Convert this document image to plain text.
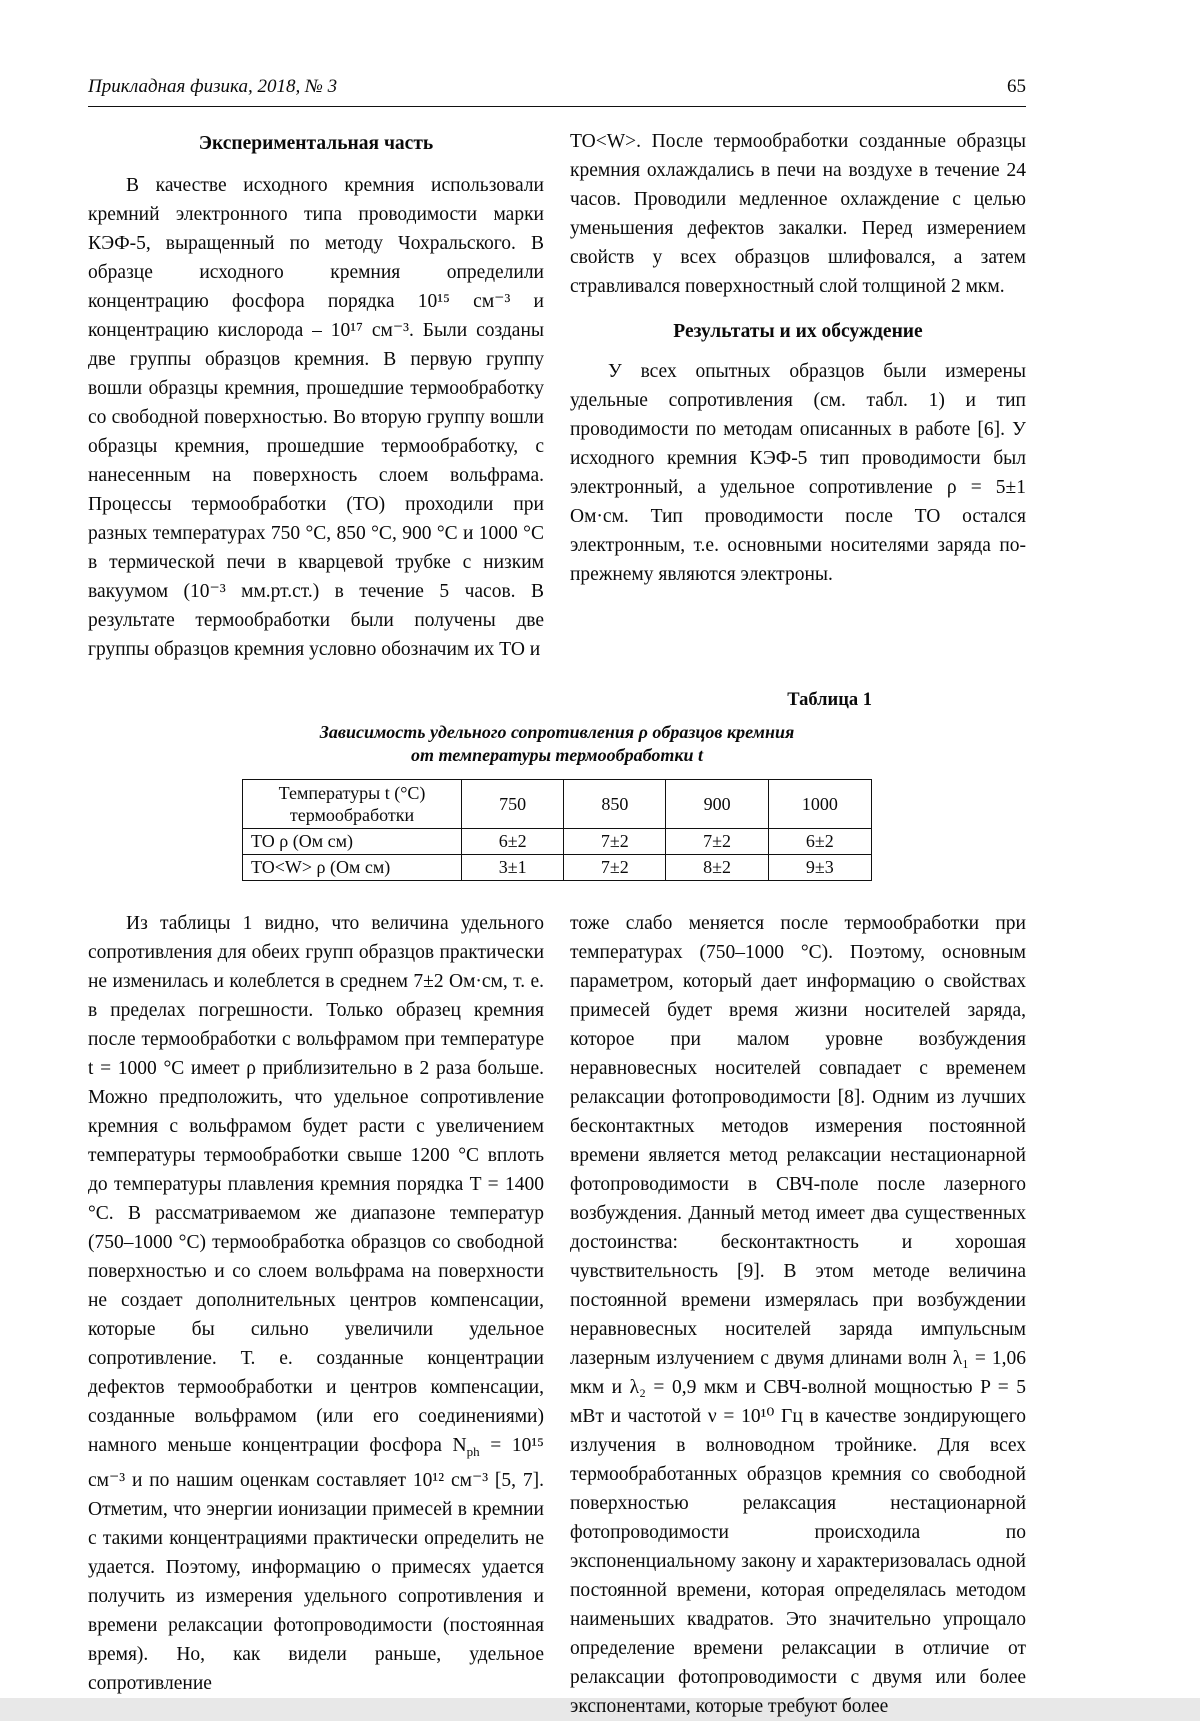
Прикладная физика, 2018, № 3	65
Экспериментальная часть

В качестве исходного кремния использовали кремний электронного типа проводимости марки КЭФ-5, выращенный по методу Чохральского. В образце исходного кремния определили концентрацию фосфора порядка 10¹⁵ см⁻³ и концентрацию кислорода – 10¹⁷ см⁻³. Были созданы две группы образцов кремния. В первую группу вошли образцы кремния, прошедшие термообработку со свободной поверхностью. Во вторую группу вошли образцы кремния, прошедшие термообработку, с нанесенным на поверхность слоем вольфрама. Процессы термообработки (ТО) проходили при разных температурах 750 °С, 850 °С, 900 °С и 1000 °С в термической печи в кварцевой трубке с низким вакуумом (10⁻³ мм.рт.ст.) в течение 5 часов. В результате термообработки были получены две группы образцов кремния условно обозначим их ТО и

ТО<W>. После термообработки созданные образцы кремния охлаждались в печи на воздухе в течение 24 часов. Проводили медленное охлаждение с целью уменьшения дефектов закалки. Перед измерением свойств у всех образцов шлифовался, а затем стравливался поверхностный слой толщиной 2 мкм.

Результаты и их обсуждение

У всех опытных образцов были измерены удельные сопротивления (см. табл. 1) и тип проводимости по методам описанных в работе [6]. У исходного кремния КЭФ-5 тип проводимости был электронный, а удельное сопротивление ρ = 5±1 Ом·см. Тип проводимости после ТО остался электронным, т.е. основными носителями заряда по-прежнему являются электроны.

Таблица 1
Зависимость удельного сопротивления ρ образцов кремния
от температуры термообработки t
Температуры t (°С)
термообработки	750	850	900	1000
ТО ρ (Ом см)	6±2	7±2	7±2	6±2
ТО<W> ρ (Ом см)	3±1	7±2	8±2	9±3

Из таблицы 1 видно, что величина удельного сопротивления для обеих групп образцов практически не изменилась и колеблется в среднем 7±2 Ом·см, т. е. в пределах погрешности. Только образец кремния после термообработки с вольфрамом при температуре t = 1000 °С имеет ρ приблизительно в 2 раза больше. Можно предположить, что удельное сопротивление кремния с вольфрамом будет расти с увеличением температуры термообработки свыше 1200 °С вплоть до температуры плавления кремния порядка T = 1400 °С. В рассматриваемом же диапазоне температур (750–1000 °С) термообработка образцов со свободной поверхностью и со слоем вольфрама на поверхности не создает дополнительных центров компенсации, которые бы сильно увеличили удельное сопротивление. Т. е. созданные концентрации дефектов термообработки и центров компенсации, созданные вольфрамом (или его соединениями) намного меньше концентрации фосфора $N_{ph} = 10^{15}$ см⁻³ и по нашим оценкам составляет 10¹² см⁻³ [5, 7]. Отметим, что энергии ионизации примесей в кремнии с такими концентрациями практически определить не удается. Поэтому, информацию о примесях удается получить из измерения удельного сопротивления и времени релаксации фотопроводимости (постоянная время). Но, как видели раньше, удельное сопротивление

тоже слабо меняется после термообработки при температурах (750–1000 °С). Поэтому, основным параметром, который дает информацию о свойствах примесей будет время жизни носителей заряда, которое при малом уровне возбуждения неравновесных носителей совпадает с временем релаксации фотопроводимости [8]. Одним из лучших бесконтактных методов измерения постоянной времени является метод релаксации нестационарной фотопроводимости в СВЧ-поле после лазерного возбуждения. Данный метод имеет два существенных достоинства: бесконтактность и хорошая чувствительность [9]. В этом методе величина постоянной времени измерялась при возбуждении неравновесных носителей заряда импульсным лазерным излучением с двумя длинами волн λ₁ = 1,06 мкм и λ₂ = 0,9 мкм и СВЧ-волной мощностью P = 5 мВт и частотой ν = 10¹⁰ Гц в качестве зондирующего излучения в волноводном тройнике. Для всех термообработанных образцов кремния со свободной поверхностью релаксация нестационарной фотопроводимости происходила по экспоненциальному закону и характеризовалась одной постоянной времени, которая определялась методом наименьших квадратов. Это значительно упрощало определение времени релаксации в отличие от релаксации фотопроводимости с двумя или более экспонентами, которые требуют более
